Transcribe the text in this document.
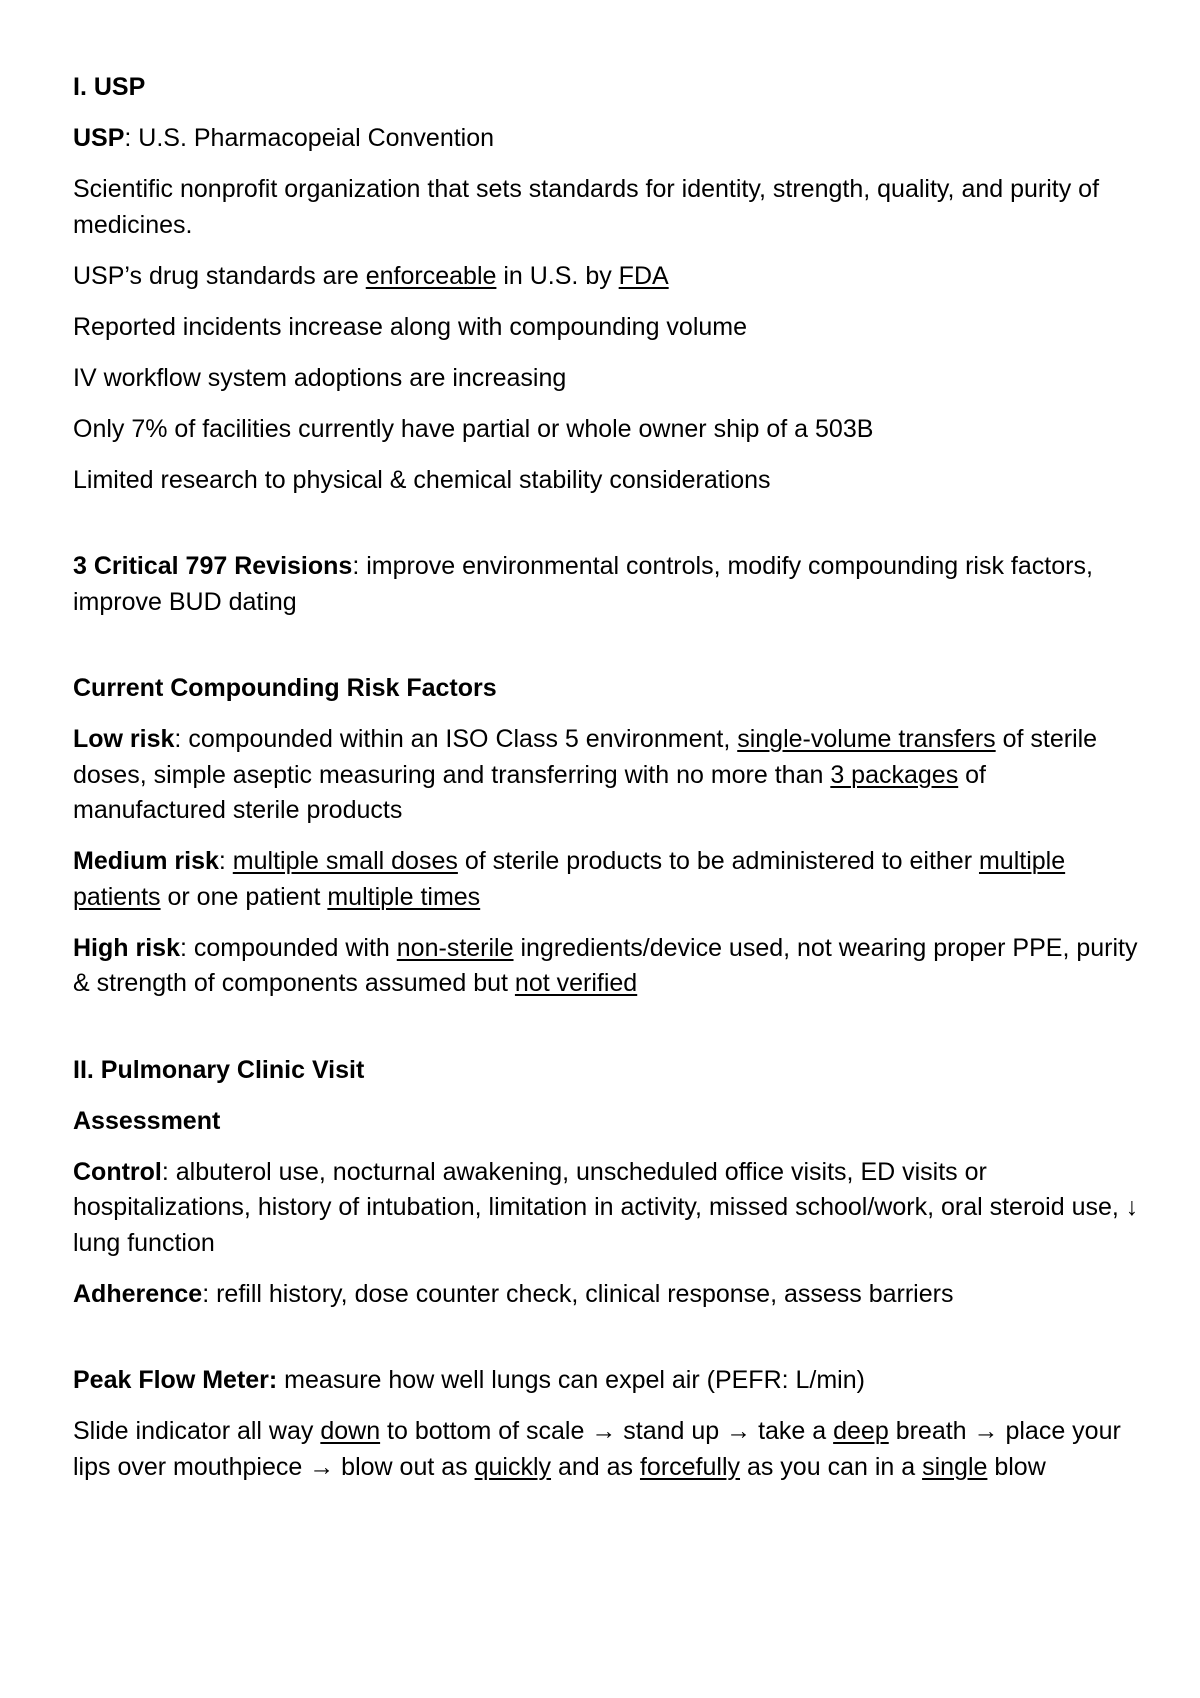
I. USP

USP: U.S. Pharmacopeial Convention

Scientific nonprofit organization that sets standards for identity, strength, quality, and purity of medicines.

USP’s drug standards are enforceable in U.S. by FDA

Reported incidents increase along with compounding volume

IV workflow system adoptions are increasing

Only 7% of facilities currently have partial or whole owner ship of a 503B

Limited research to physical & chemical stability considerations

3 Critical 797 Revisions: improve environmental controls, modify compounding risk factors, improve BUD dating

Current Compounding Risk Factors

Low risk: compounded within an ISO Class 5 environment, single-volume transfers of sterile doses, simple aseptic measuring and transferring with no more than 3 packages of manufactured sterile products

Medium risk: multiple small doses of sterile products to be administered to either multiple patients or one patient multiple times

High risk: compounded with non-sterile ingredients/device used, not wearing proper PPE, purity & strength of components assumed but not verified

II. Pulmonary Clinic Visit

Assessment

Control: albuterol use, nocturnal awakening, unscheduled office visits, ED visits or hospitalizations, history of intubation, limitation in activity, missed school/work, oral steroid use, ↓ lung function

Adherence: refill history, dose counter check, clinical response, assess barriers

Peak Flow Meter: measure how well lungs can expel air (PEFR: L/min)

Slide indicator all way down to bottom of scale → stand up → take a deep breath → place your lips over mouthpiece → blow out as quickly and as forcefully as you can in a single blow
